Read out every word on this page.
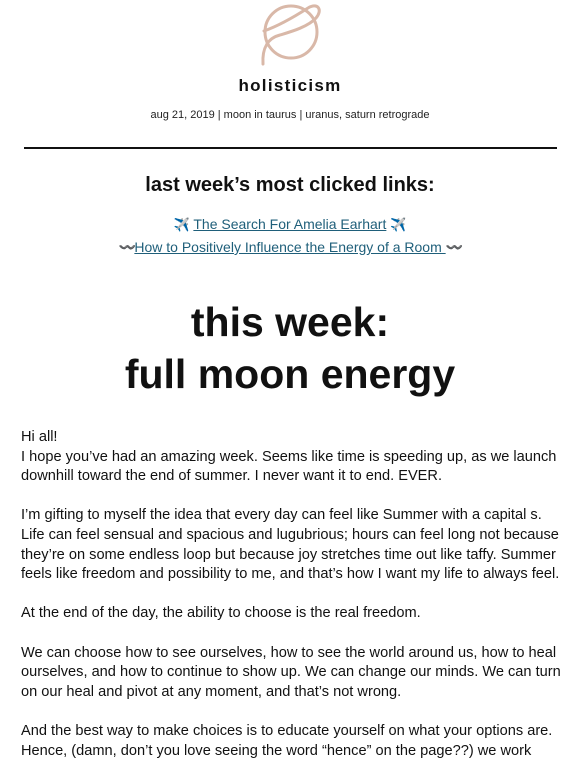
holisticism
aug 21, 2019 | moon in taurus | uranus, saturn retrograde
last week’s most clicked links:
✈️ The Search For Amelia Earhart ✈️
〰️How to Positively Influence the Energy of a Room 〰️
this week:
full moon energy

Hi all!
I hope you’ve had an amazing week. Seems like time is speeding up, as we launch downhill toward the end of summer. I never want it to end. EVER.

I’m gifting to myself the idea that every day can feel like Summer with a capital s. Life can feel sensual and spacious and lugubrious; hours can feel long not because they’re on some endless loop but because joy stretches time out like taffy. Summer feels like freedom and possibility to me, and that’s how I want my life to always feel.

At the end of the day, the ability to choose is the real freedom.

We can choose how to see ourselves, how to see the world around us, how to heal ourselves, and how to continue to show up. We can change our minds. We can turn on our heal and pivot at any moment, and that’s not wrong.

And the best way to make choices is to educate yourself on what your options are. Hence, (damn, don’t you love seeing the word “hence” on the page??) we work
